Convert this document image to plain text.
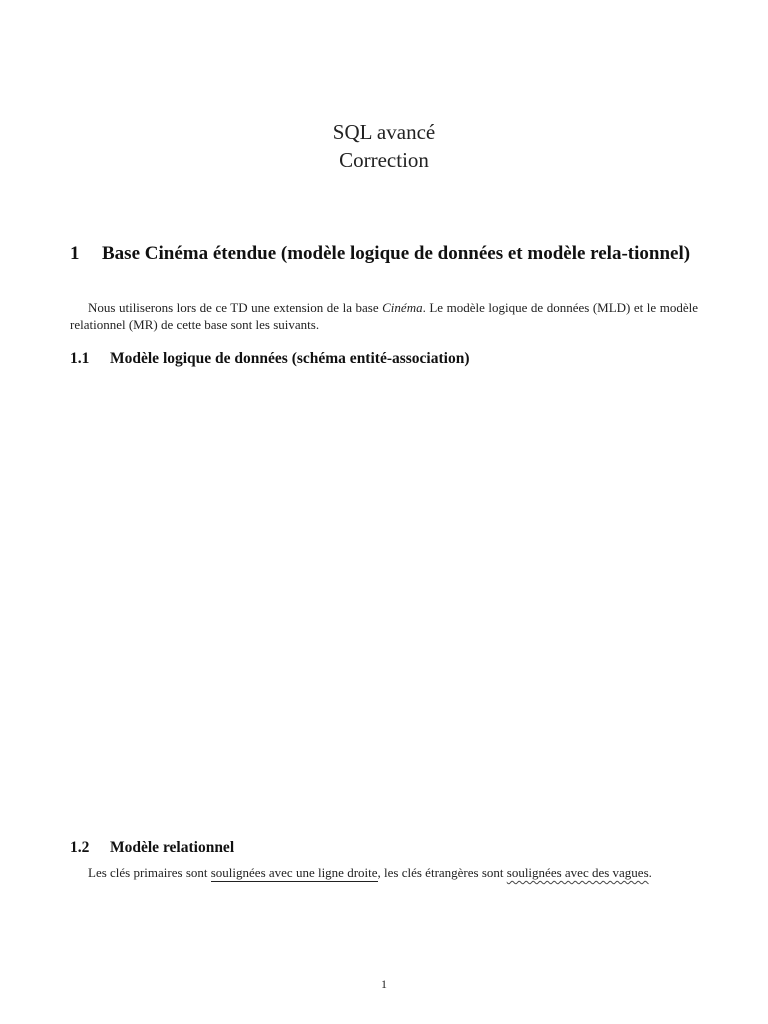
SQL avancé
Correction
1	Base Cinéma étendue (modèle logique de données et modèle rela-tionnel)
Nous utiliserons lors de ce TD une extension de la base Cinéma. Le modèle logique de données (MLD) et le modèle relationnel (MR) de cette base sont les suivants.
1.1 Modèle logique de données (schéma entité-association)
1.2 Modèle relationnel
Les clés primaires sont soulignées avec une ligne droite, les clés étrangères sont soulignées avec des vagues.
1
